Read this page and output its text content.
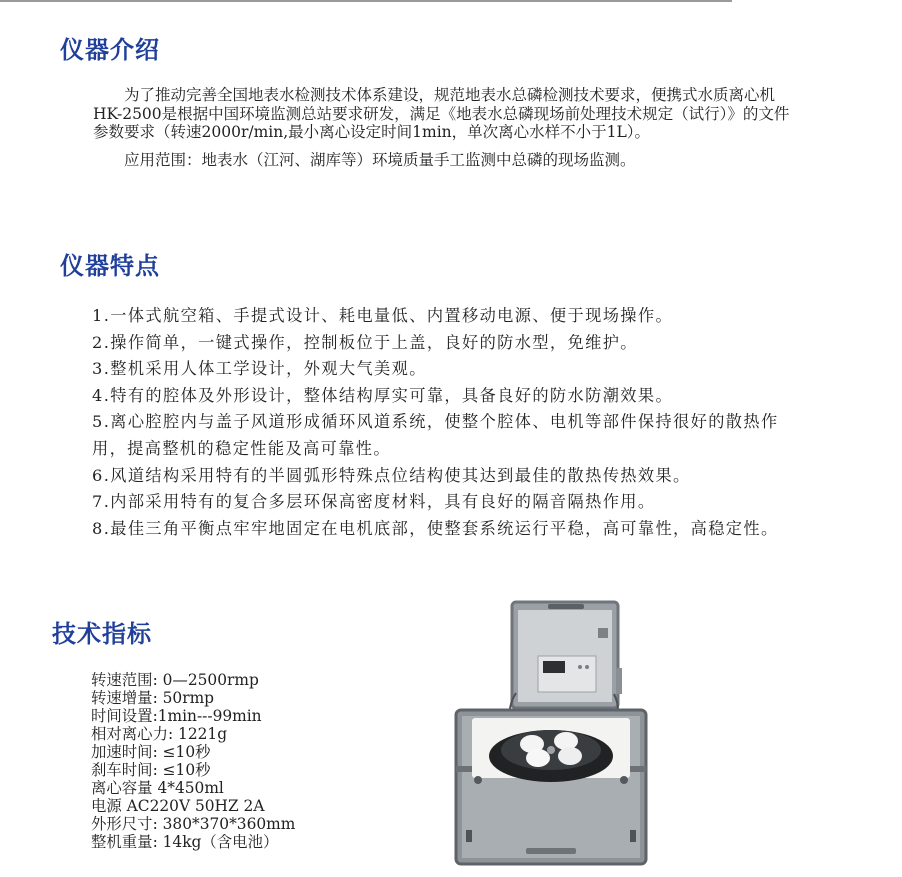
仪器介绍

为了推动完善全国地表水检测技术体系建设，规范地表水总磷检测技术要求，便携式水质离心机HK-2500是根据中国环境监测总站要求研发，满足《地表水总磷现场前处理技术规定（试行）》的文件参数要求（转速2000r/min,最小离心设定时间1min，单次离心水样不小于1L）。

应用范围：地表水（江河、湖库等）环境质量手工监测中总磷的现场监测。

仪器特点
1.一体式航空箱、手提式设计、耗电量低、内置移动电源、便于现场操作。
2.操作简单，一键式操作，控制板位于上盖，良好的防水型，免维护。
3.整机采用人体工学设计，外观大气美观。
4.特有的腔体及外形设计，整体结构厚实可靠，具备良好的防水防潮效果。
5.离心腔腔内与盖子风道形成循环风道系统，使整个腔体、电机等部件保持很好的散热作用，提高整机的稳定性能及高可靠性。
6.风道结构采用特有的半圆弧形特殊点位结构使其达到最佳的散热传热效果。
7.内部采用特有的复合多层环保高密度材料，具有良好的隔音隔热作用。
8.最佳三角平衡点牢牢地固定在电机底部，使整套系统运行平稳，高可靠性，高稳定性。
技术指标
转速范围: 0—2500rmp
转速增量: 50rmp
时间设置:1min---99min
相对离心力: 1221g
加速时间: ≤10秒
刹车时间: ≤10秒
离心容量 4*450ml
电源 AC220V 50HZ 2A
外形尺寸: 380*370*360mm
整机重量: 14kg（含电池）
